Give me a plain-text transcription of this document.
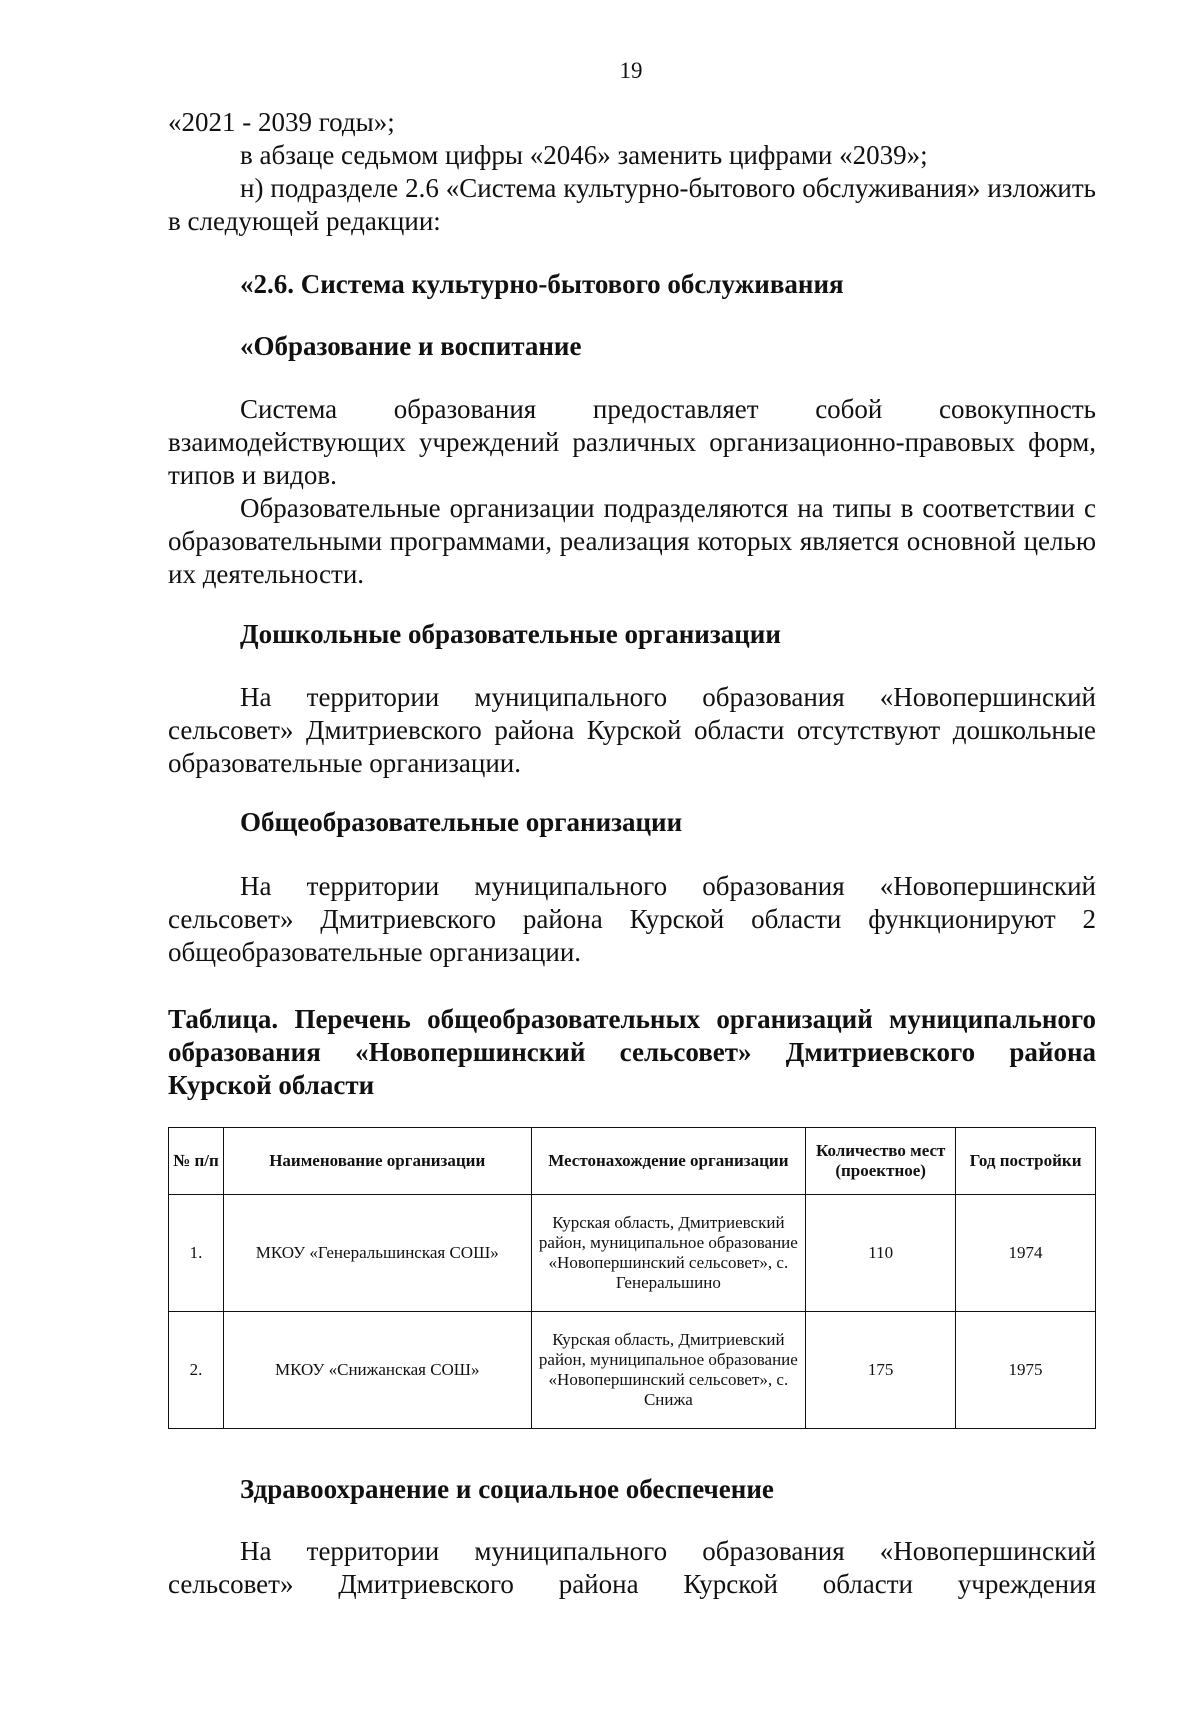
19

«2021 - 2039 годы»;

в абзаце седьмом цифры «2046» заменить цифрами «2039»;

н) подразделе 2.6 «Система культурно-бытового обслуживания» изложить в следующей редакции:

«2.6. Система культурно-бытового обслуживания

«Образование и воспитание

Система образования предоставляет собой совокупность взаимодействующих учреждений различных организационно-правовых форм, типов и видов.

Образовательные организации подразделяются на типы в соответствии с образовательными программами, реализация которых является основной целью их деятельности.

Дошкольные образовательные организации

На территории муниципального образования «Новопершинский сельсовет» Дмитриевского района Курской области отсутствуют дошкольные образовательные организации.

Общеобразовательные организации

На территории муниципального образования «Новопершинский сельсовет» Дмитриевского района Курской области функционируют 2 общеобразовательные организации.

Таблица. Перечень общеобразовательных организаций муниципального образования «Новопершинский сельсовет» Дмитриевского района Курской области

№ п/п	Наименование организации	Местонахождение организации	Количество мест (проектное)	Год постройки
1.	МКОУ «Генеральшинская СОШ»	Курская область, Дмитриевский район, муниципальное образование «Новопершинский сельсовет», с. Генеральшино	110	1974
2.	МКОУ «Снижанская СОШ»	Курская область, Дмитриевский район, муниципальное образование «Новопершинский сельсовет», с. Снижа	175	1975

Здравоохранение и социальное обеспечение

На территории муниципального образования «Новопершинский сельсовет» Дмитриевского района Курской области учреждения
